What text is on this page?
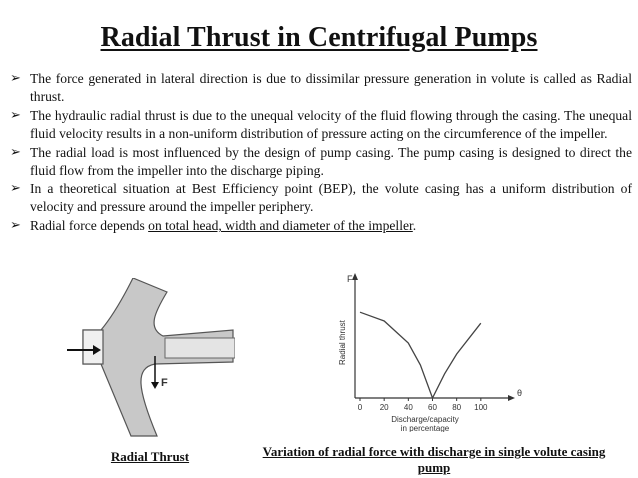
Radial Thrust in Centrifugal Pumps
➢ The force generated in lateral direction is due to dissimilar pressure generation in volute is called as Radial thrust.
➢ The hydraulic radial thrust is due to the unequal velocity of the fluid flowing through the casing. The unequal fluid velocity results in a non-uniform distribution of pressure acting on the circumference of the impeller.
➢ The radial load is most influenced by the design of pump casing. The pump casing is designed to direct the fluid flow from the impeller into the discharge piping.
➢ In a theoretical situation at Best Efficiency point (BEP), the volute casing has a uniform distribution of velocity and pressure around the impeller periphery.
➢ Radial force depends on total head, width and diameter of the impeller.
F
Radial Thrust
F
θ
Radial thrust
0 20 40 60 80 100
Discharge/capacity
in percentage
Variation of radial force with discharge in single volute casing pump
